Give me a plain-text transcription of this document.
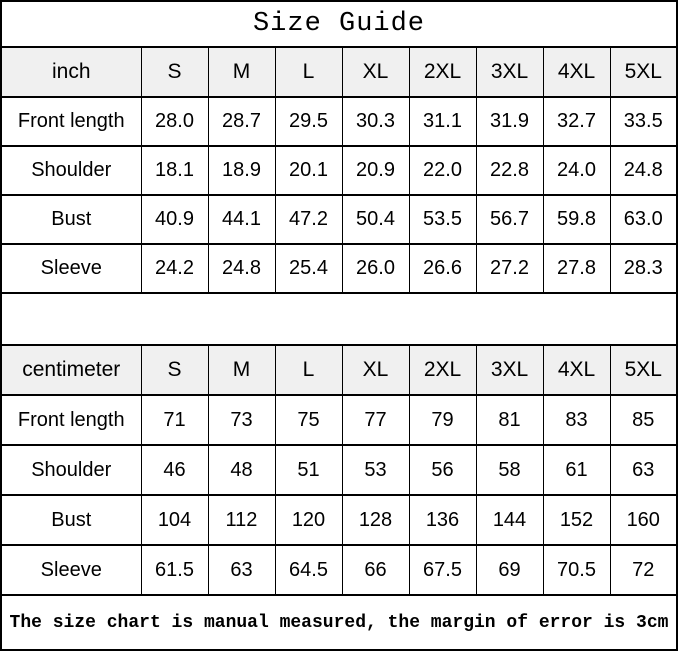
Size Guide								
inch	S	M	L	XL	2XL	3XL	4XL	5XL
Front length	28.0	28.7	29.5	30.3	31.1	31.9	32.7	33.5
Shoulder	18.1	18.9	20.1	20.9	22.0	22.8	24.0	24.8
Bust	40.9	44.1	47.2	50.4	53.5	56.7	59.8	63.0
Sleeve	24.2	24.8	25.4	26.0	26.6	27.2	27.8	28.3

centimeter	S	M	L	XL	2XL	3XL	4XL	5XL
Front length	71	73	75	77	79	81	83	85
Shoulder	46	48	51	53	56	58	61	63
Bust	104	112	120	128	136	144	152	160
Sleeve	61.5	63	64.5	66	67.5	69	70.5	72
The size chart is manual measured, the margin of error is 3cm								
